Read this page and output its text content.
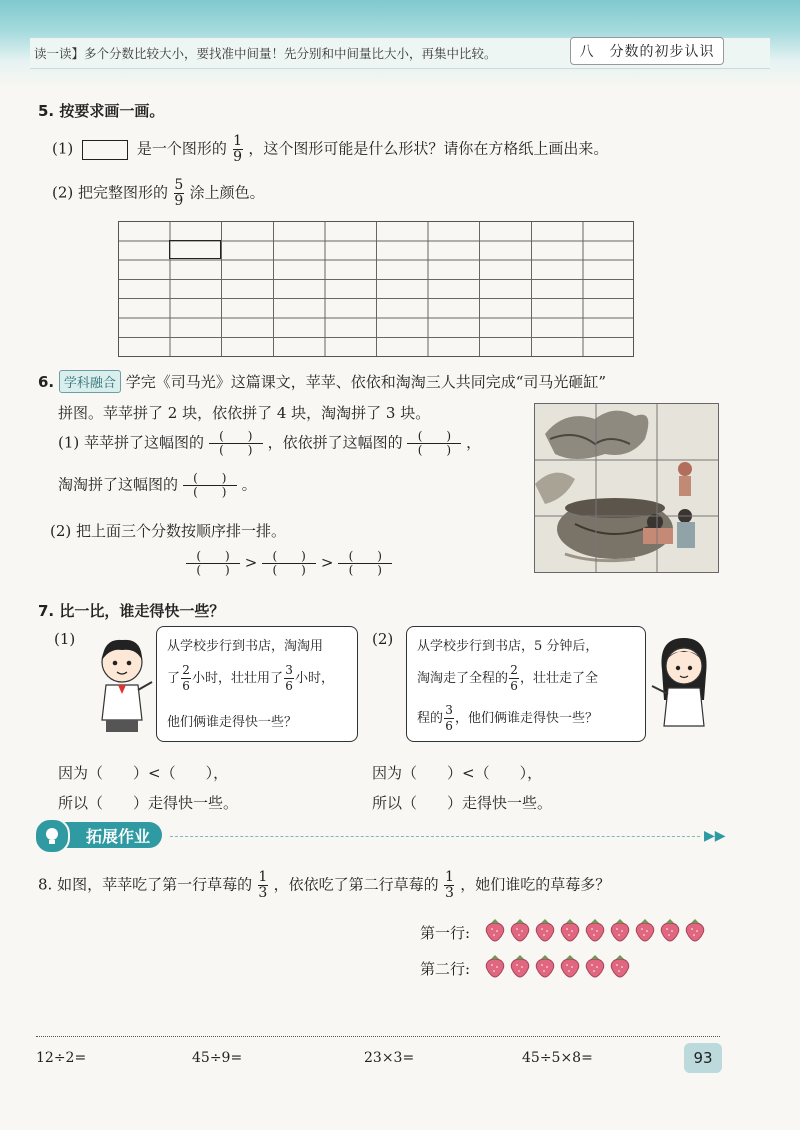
读一读】多个分数比较大小，要找准中间量！先分别和中间量比大小，再集中比较。	八　分数的初步认识
5. 按要求画一画。
(1)	是一个图形的 $\frac{1}{9}$ ，这个图形可能是什么形状？请你在方格纸上画出来。
(2) 把完整图形的 $\frac{5}{9}$ 涂上颜色。
6. 学科融合 学完《司马光》这篇课文，苹苹、依依和淘淘三人共同完成“司马光砸缸”
拼图。苹苹拼了 2 块，依依拼了 4 块，淘淘拼了 3 块。
(1) 苹苹拼了这幅图的 $\frac{( )}{( )}$ ，依依拼了这幅图的 $\frac{( )}{( )}$ ，
淘淘拼了这幅图的 $\frac{( )}{( )}$ 。
(2) 把上面三个分数按顺序排一排。
$\frac{( )}{( )} > \frac{( )}{( )} > \frac{( )}{( )}$
7. 比一比，谁走得快一些？
(1)	(2)
从学校步行到书店，淘淘用
了 $\frac{2}{6}$ 小时，壮壮用了 $\frac{3}{6}$ 小时，
他们俩谁走得快一些？
从学校步行到书店，5 分钟后，
淘淘走了全程的 $\frac{2}{6}$ ，壮壮走了全
程的 $\frac{3}{6}$ ，他们俩谁走得快一些？
因为（　　）<（　　），
所以（　　）走得快一些。
因为（　　）<（　　），
所以（　　）走得快一些。
拓展作业	▶▶
8. 如图，苹苹吃了第一行草莓的 $\frac{1}{3}$ ，依依吃了第二行草莓的 $\frac{1}{3}$ ，她们谁吃的草莓多？
第一行:
第二行:
12÷2=	45÷9=	23×3=	45÷5×8=	93
